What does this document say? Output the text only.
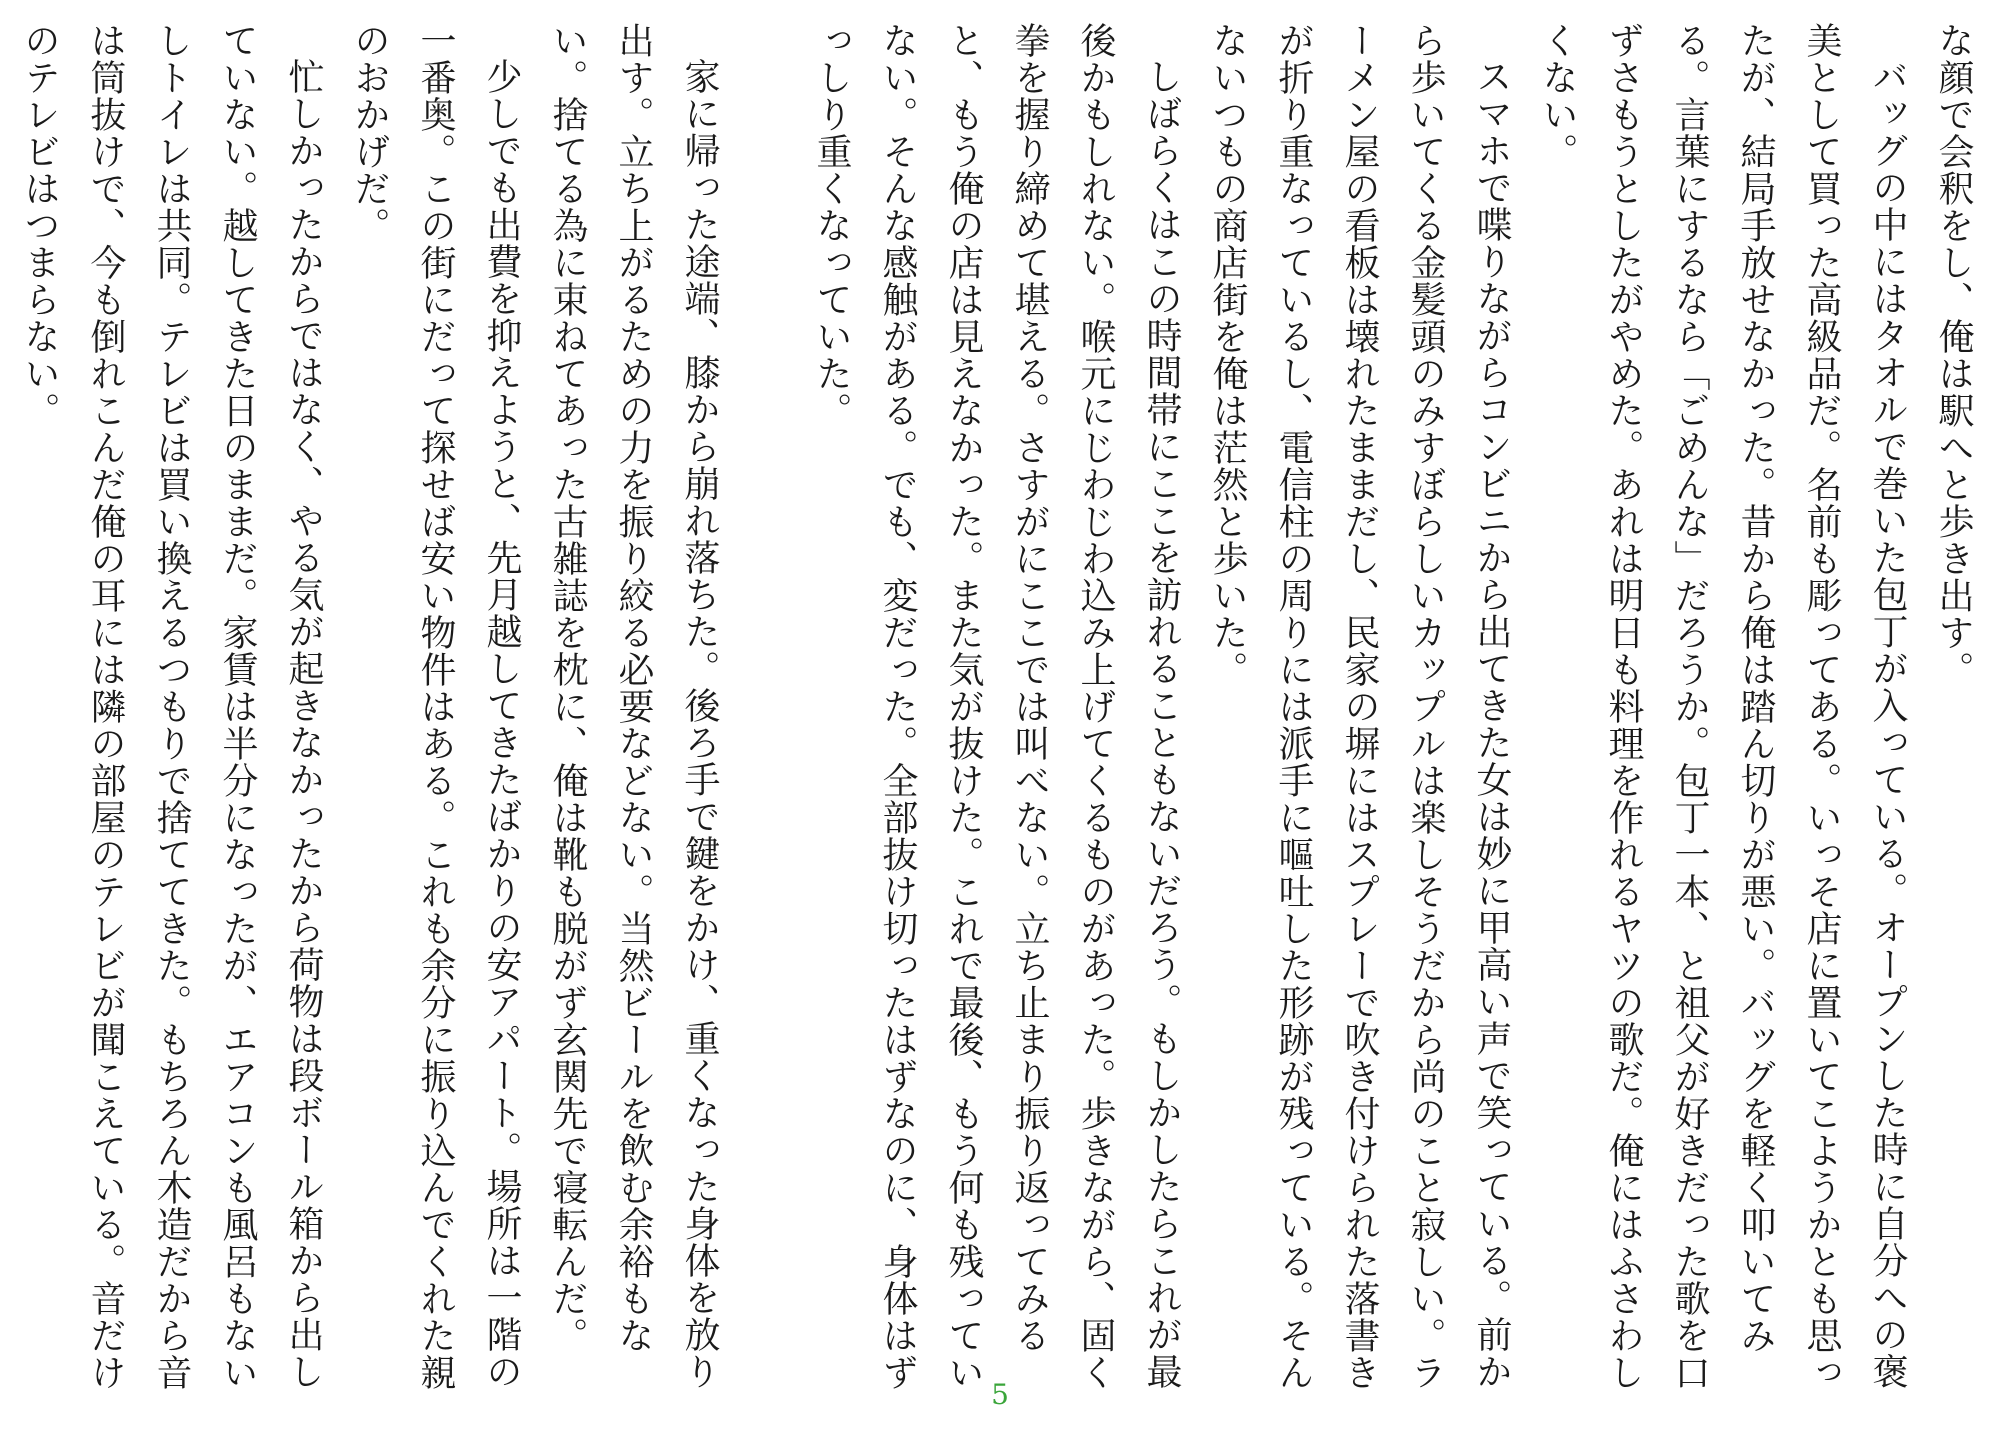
な顔で会釈をし、俺は駅へと歩き出す。

バッグの中にはタオルで巻いた包丁が入っている。オープンした時に自分への褒美として買った高級品だ。名前も彫ってある。いっそ店に置いてこようかとも思ったが、結局手放せなかった。昔から俺は踏ん切りが悪い。バッグを軽く叩いてみる。言葉にするなら「ごめんな」だろうか。包丁一本、と祖父が好きだった歌を口ずさもうとしたがやめた。あれは明日も料理を作れるヤツの歌だ。俺にはふさわしくない。

スマホで喋りながらコンビニから出てきた女は妙に甲高い声で笑っている。前から歩いてくる金髪頭のみすぼらしいカップルは楽しそうだから尚のこと寂しい。ラーメン屋の看板は壊れたままだし、民家の塀にはスプレーで吹き付けられた落書きが折り重なっているし、電信柱の周りには派手に嘔吐した形跡が残っている。そんないつもの商店街を俺は茫然と歩いた。

しばらくはこの時間帯にここを訪れることもないだろう。もしかしたらこれが最後かもしれない。喉元にじわじわ込み上げてくるものがあった。歩きながら、固く拳を握り締めて堪える。さすがにここでは叫べない。立ち止まり振り返ってみると、もう俺の店は見えなかった。また気が抜けた。これで最後、もう何も残っていない。そんな感触がある。でも、変だった。全部抜け切ったはずなのに、身体はずっしり重くなっていた。

家に帰った途端、膝から崩れ落ちた。後ろ手で鍵をかけ、重くなった身体を放り出す。立ち上がるための力を振り絞る必要などない。当然ビールを飲む余裕もない。捨てる為に束ねてあった古雑誌を枕に、俺は靴も脱がず玄関先で寝転んだ。

少しでも出費を抑えようと、先月越してきたばかりの安アパート。場所は一階の一番奥。この街にだって探せば安い物件はある。これも余分に振り込んでくれた親のおかげだ。

忙しかったからではなく、やる気が起きなかったから荷物は段ボール箱から出していない。越してきた日のままだ。家賃は半分になったが、エアコンも風呂もないしトイレは共同。テレビは買い換えるつもりで捨ててきた。もちろん木造だから音は筒抜けで、今も倒れこんだ俺の耳には隣の部屋のテレビが聞こえている。音だけのテレビはつまらない。

5
